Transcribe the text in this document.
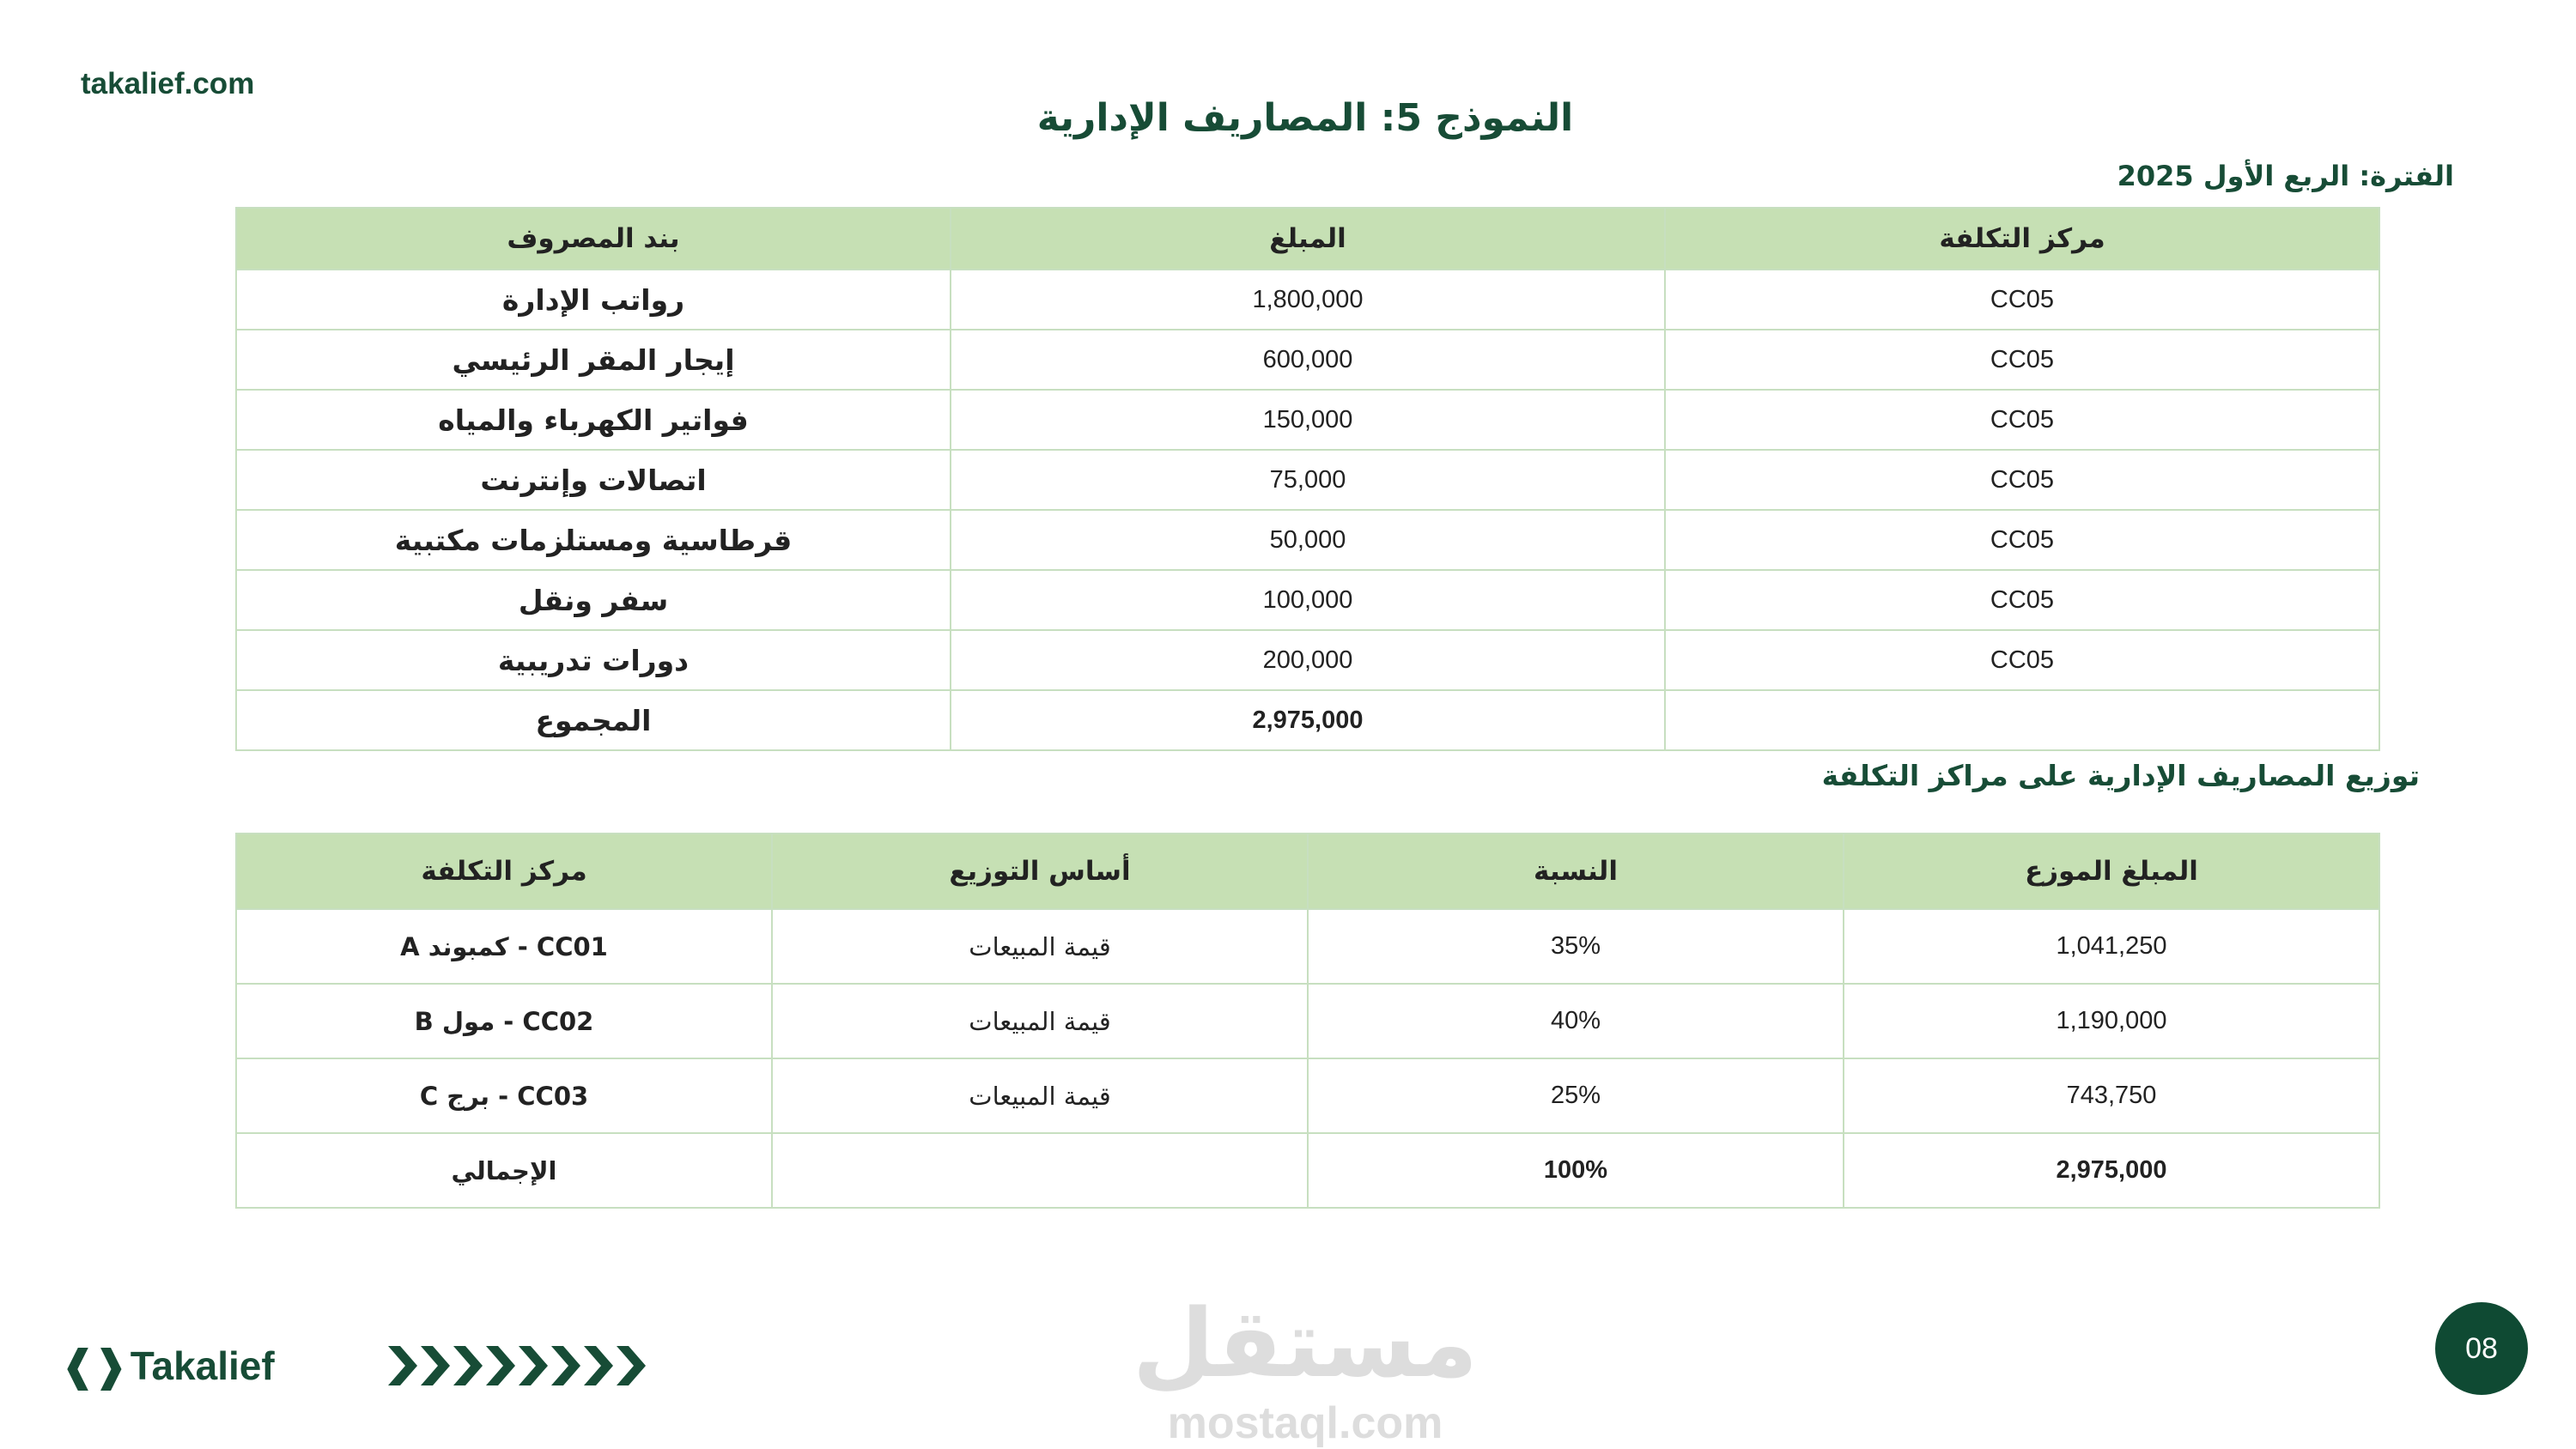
takalief.com
النموذج 5: المصاريف الإدارية
الفترة: الربع الأول 2025
بند المصروف	المبلغ	مركز التكلفة
رواتب الإدارة	1,800,000	CC05
إيجار المقر الرئيسي	600,000	CC05
فواتير الكهرباء والمياه	150,000	CC05
اتصالات وإنترنت	75,000	CC05
قرطاسية ومستلزمات مكتبية	50,000	CC05
سفر ونقل	100,000	CC05
دورات تدريبية	200,000	CC05
المجموع	2,975,000	
توزيع المصاريف الإدارية على مراكز التكلفة
مركز التكلفة	أساس التوزيع	النسبة	المبلغ الموزع
CC01 - كمبوند A	قيمة المبيعات	35%	1,041,250
CC02 - مول B	قيمة المبيعات	40%	1,190,000
CC03 - برج C	قيمة المبيعات	25%	743,750
الإجمالي		100%	2,975,000
❰❱ Takalief	مستقل
mostaql.com
08
